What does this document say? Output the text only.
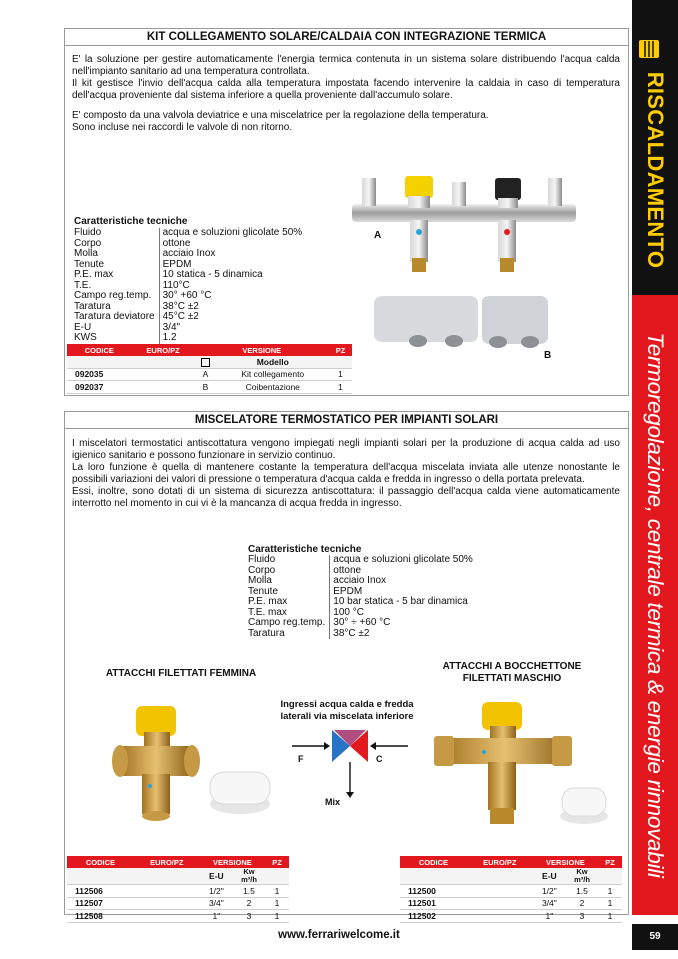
RISCALDAMENTO
Termoregolazione, centrale termica & energie rinnovabili
KIT COLLEGAMENTO SOLARE/CALDAIA CON INTEGRAZIONE TERMICA

E' la soluzione per gestire automaticamente l'energia termica contenuta in un sistema solare distribuendo l'acqua calda nell'impianto sanitario ad una temperatura controllata.

Il kit gestisce l'invio dell'acqua calda alla temperatura impostata facendo intervenire la caldaia in caso di temperatura dell'acqua proveniente dal sistema inferiore a quella proveniente dall'accumulo solare.

E' composto da una valvola deviatrice e una miscelatrice per la regolazione della temperatura.

Sono incluse nei raccordi le valvole di non ritorno.

Caratteristiche tecniche
Fluido	acqua e soluzioni glicolate 50%
Corpo	ottone
Molla	acciaio Inox
Tenute	EPDM
P.E. max	10 statica - 5 dinamica
T.E.	110°C
Campo reg.temp.	30° +60 °C
Taratura	38°C ±2
Taratura deviatore	45°C ±2
E-U	3/4"
KWS	1.2
A
B
CODICE	EURO/PZ	VERSIONE		PZ
			Modello	
092035		A	Kit collegamento	1
092037		B	Coibentazione	1
MISCELATORE TERMOSTATICO PER IMPIANTI SOLARI

I miscelatori termostatici antiscottatura vengono impiegati negli impianti solari per la produzione di acqua calda ad uso igienico sanitario e possono funzionare in servizio continuo.

La loro funzione è quella di mantenere costante la temperatura dell'acqua miscelata inviata alle utenze nonostante le possibili variazioni dei valori di pressione o temperatura d'acqua calda e fredda in ingresso o della portata prelevata.

Essi, inoltre, sono dotati di un sistema di sicurezza antiscottatura: il passaggio dell'acqua calda viene automaticamente interrotto nel momento in cui vi è la mancanza di acqua fredda in ingresso.

Caratteristiche tecniche
Fluido	acqua e soluzioni glicolate 50%
Corpo	ottone
Molla	acciaio Inox
Tenute	EPDM
P.E. max	10 bar statica - 5 bar dinamica
T.E. max	100 °C
Campo reg.temp.	30° ÷ +60 °C
Taratura	38°C ±2
ATTACCHI FILETTATI FEMMINA
ATTACCHI A BOCCHETTONE
FILETTATI MASCHIO
Ingressi acqua calda e fredda
laterali via miscelata inferiore
F	C
Mix
CODICE	EURO/PZ	VERSIONE		PZ
		E-U	Kw m³/h	
112506		1/2"	1.5	1
112507		3/4"	2	1
112508		1"	3	1
CODICE	EURO/PZ	VERSIONE		PZ
		E-U	Kw m³/h	
112500		1/2"	1.5	1
112501		3/4"	2	1
112502		1"	3	1
www.ferrariwelcome.it	59
